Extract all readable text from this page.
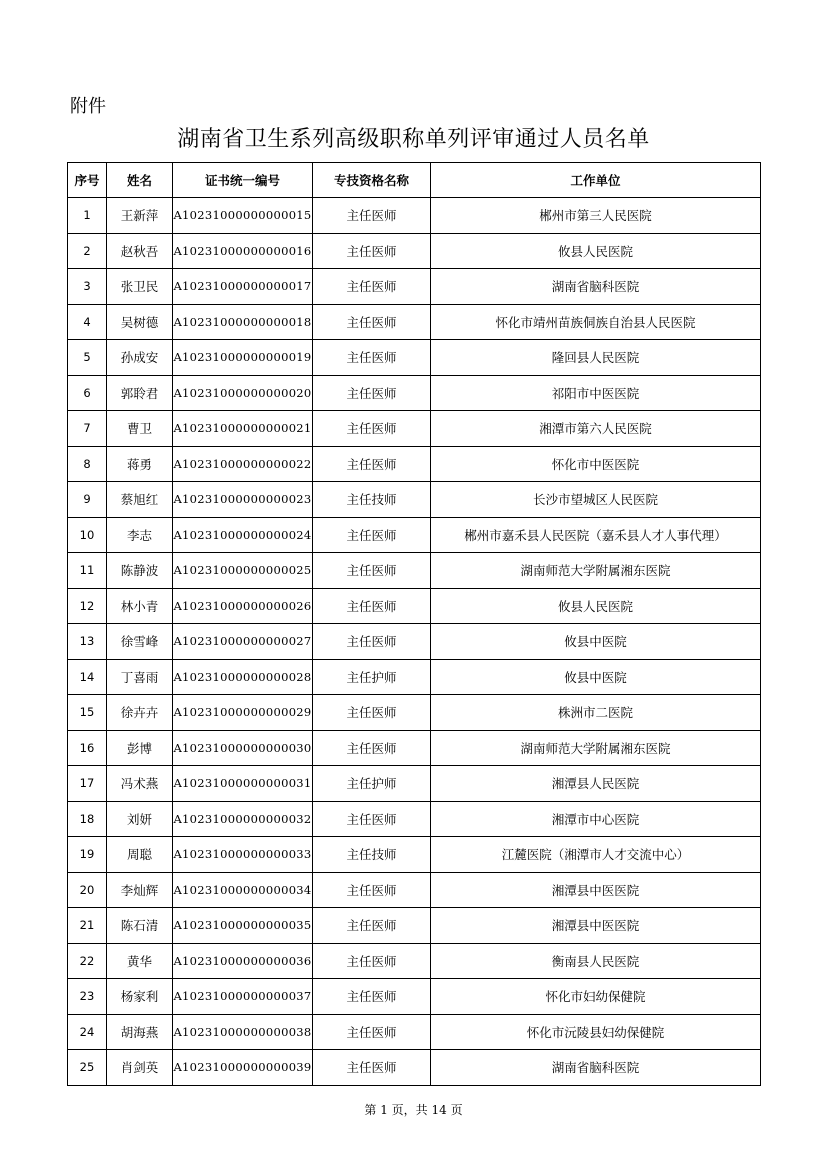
附件
湖南省卫生系列高级职称单列评审通过人员名单
序号	姓名	证书统一编号	专技资格名称	工作单位
1	王新萍	A10231000000000015	主任医师	郴州市第三人民医院
2	赵秋吾	A10231000000000016	主任医师	攸县人民医院
3	张卫民	A10231000000000017	主任医师	湖南省脑科医院
4	吴树德	A10231000000000018	主任医师	怀化市靖州苗族侗族自治县人民医院
5	孙成安	A10231000000000019	主任医师	隆回县人民医院
6	郭聆君	A10231000000000020	主任医师	祁阳市中医医院
7	曹卫	A10231000000000021	主任医师	湘潭市第六人民医院
8	蒋勇	A10231000000000022	主任医师	怀化市中医医院
9	蔡旭红	A10231000000000023	主任技师	长沙市望城区人民医院
10	李志	A10231000000000024	主任医师	郴州市嘉禾县人民医院（嘉禾县人才人事代理）
11	陈静波	A10231000000000025	主任医师	湖南师范大学附属湘东医院
12	林小青	A10231000000000026	主任医师	攸县人民医院
13	徐雪峰	A10231000000000027	主任医师	攸县中医院
14	丁喜雨	A10231000000000028	主任护师	攸县中医院
15	徐卉卉	A10231000000000029	主任医师	株洲市二医院
16	彭博	A10231000000000030	主任医师	湖南师范大学附属湘东医院
17	冯术燕	A10231000000000031	主任护师	湘潭县人民医院
18	刘妍	A10231000000000032	主任医师	湘潭市中心医院
19	周聪	A10231000000000033	主任技师	江麓医院（湘潭市人才交流中心）
20	李灿辉	A10231000000000034	主任医师	湘潭县中医医院
21	陈石清	A10231000000000035	主任医师	湘潭县中医医院
22	黄华	A10231000000000036	主任医师	衡南县人民医院
23	杨家利	A10231000000000037	主任医师	怀化市妇幼保健院
24	胡海燕	A10231000000000038	主任医师	怀化市沅陵县妇幼保健院
25	肖剑英	A10231000000000039	主任医师	湖南省脑科医院
第 1 页，共 14 页
